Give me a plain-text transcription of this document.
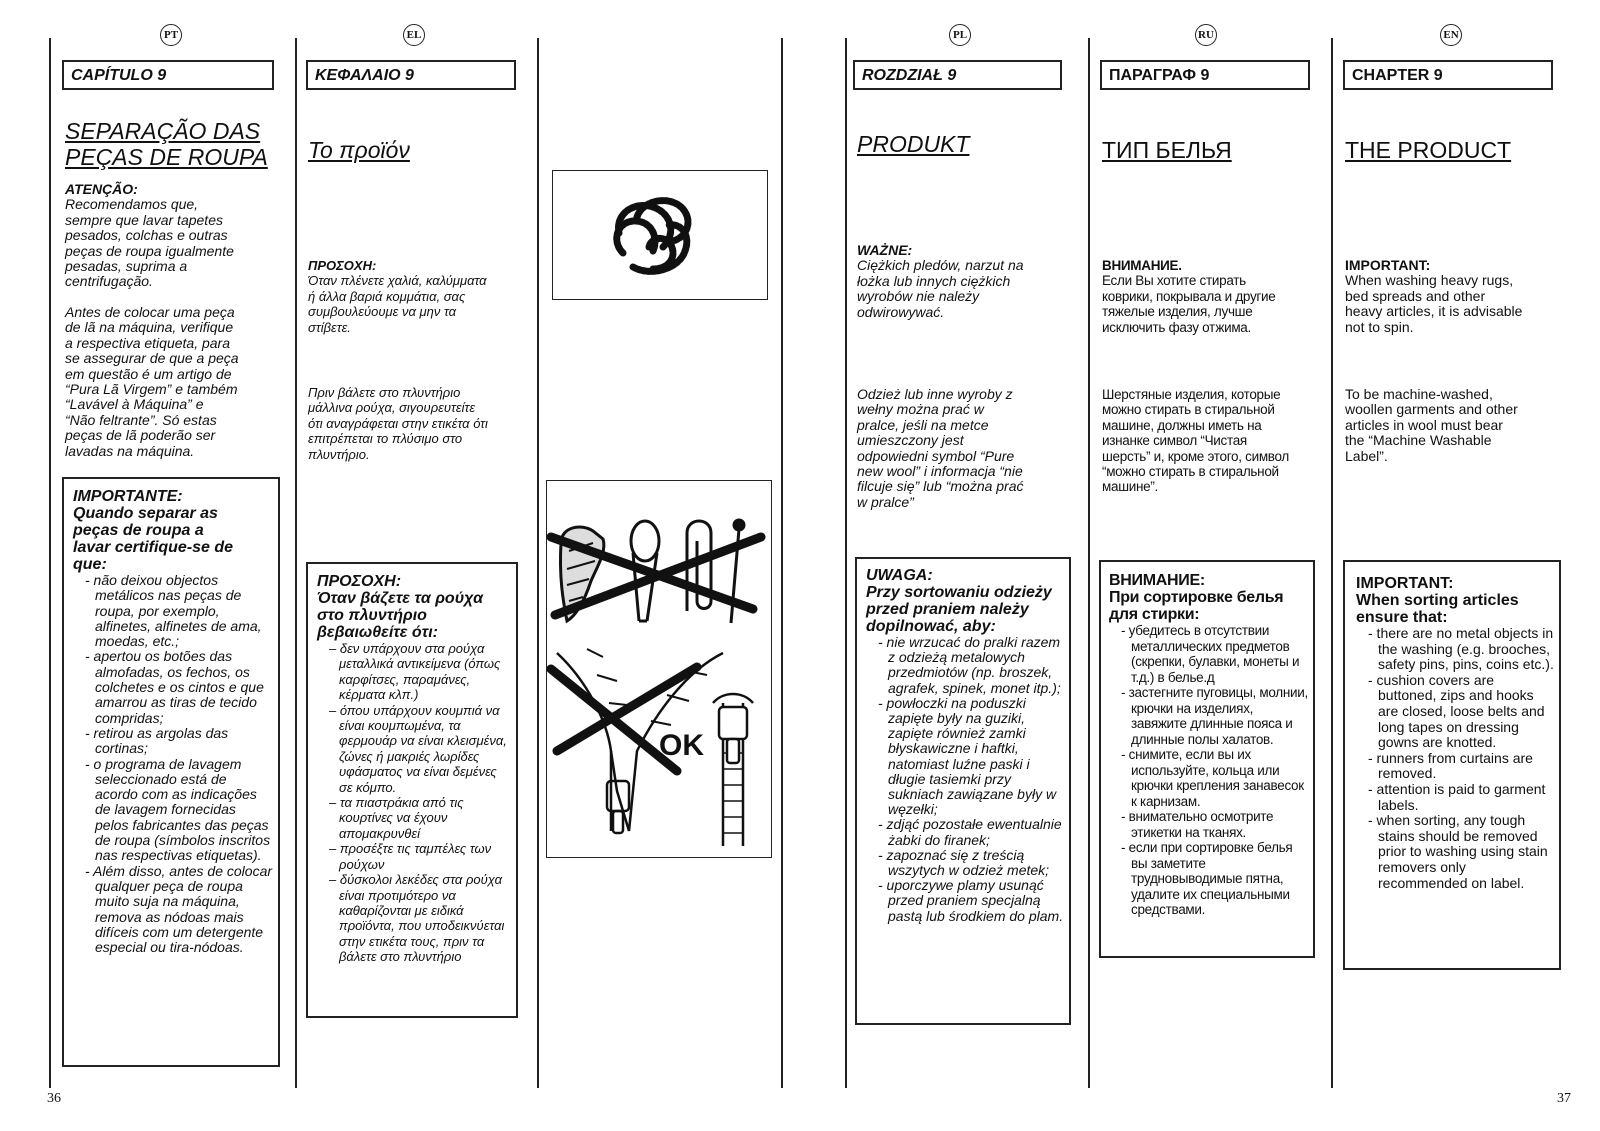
PT	EL	PL	RU	EN
CAPÍTULO 9
SEPARAÇÃO DAS
PEÇAS DE ROUPA
ATENÇÃO:
Recomendamos que,
sempre que lavar tapetes
pesados, colchas e outras
peças de roupa igualmente
pesadas, suprima a
centrifugação.
Antes de colocar uma peça
de lã na máquina, verifique
a respectiva etiqueta, para
se assegurar de que a peça
em questão é um artigo de
“Pura Lã Virgem” e também
“Lavável à Máquina” e
“Não feltrante”. Só estas
peças de lã poderão ser
lavadas na máquina.
IMPORTANTE:
Quando separar as
peças de roupa a
lavar certifique-se de
que:
- não deixou objectos metálicos nas peças de roupa, por exemplo, alfinetes, alfinetes de ama, moedas, etc.;
- apertou os botões das almofadas, os fechos, os colchetes e os cintos e que amarrou as tiras de tecido compridas;
- retirou as argolas das cortinas;
- o programa de lavagem seleccionado está de acordo com as indicações de lavagem fornecidas pelos fabricantes das peças de roupa (símbolos inscritos nas respectivas etiquetas).
- Além disso, antes de colocar qualquer peça de roupa muito suja na máquina, remova as nódoas mais difíceis com um detergente especial ou tira-nódoas.
ΚΕΦΑΛΑΙΟ 9
Το προϊόν
ΠΡΟΣΟΧΗ:
Όταν πλένετε χαλιά, καλύμματα
ή άλλα βαριά κομμάτια, σας
συμβουλεύουμε να μην τα
στίβετε.
Πριν βάλετε στο πλυντήριο
μάλλινα ρούχα, σιγουρευτείτε
ότι αναγράφεται στην ετικέτα ότι
επιτρέπεται το πλύσιμο στο
πλυντήριο.
ΠΡΟΣΟΧΗ:
Όταν βάζετε τα ρούχα
στο πλυντήριο
βεβαιωθείτε ότι:
– δεν υπάρχουν στα ρούχα μεταλλικά αντικείμενα (όπως καρφίτσες, παραμάνες, κέρματα κλπ.)
– όπου υπάρχουν κουμπιά να είναι κουμπωμένα, τα φερμουάρ να είναι κλεισμένα, ζώνες ή μακριές λωρίδες υφάσματος να είναι δεμένες σε κόμπο.
– τα πιαστράκια από τις κουρτίνες να έχουν απομακρυνθεί
– προσέξτε τις ταμπέλες των ρούχων
– δύσκολοι λεκέδες στα ρούχα είναι προτιμότερο να καθαρίζονται με ειδικά προϊόντα, που υποδεικνύεται στην ετικέτα τους, πριν τα βάλετε στο πλυντήριο
OK
ROZDZIAŁ 9
PRODUKT
WAŻNE:
Ciężkich pledów, narzut na
łożka lub innych ciężkich
wyrobów nie należy
odwirowywać.
Odzież lub inne wyroby z
wełny można prać w
pralce, jeśli na metce
umieszczony jest
odpowiedni symbol “Pure
new wool” i informacja “nie
filcuje się” lub “można prać
w pralce”
UWAGA:
Przy sortowaniu odzieży
przed praniem należy
dopilnować, aby:
- nie wrzucać do pralki razem z odzieżą metalowych przedmiotów (np. broszek, agrafek, spinek, monet itp.);
- powłoczki na poduszki zapięte były na guziki, zapięte również zamki błyskawiczne i haftki, natomiast luźne paski i długie tasiemki przy sukniach zawiązane były w węzełki;
- zdjąć pozostałe ewentualnie żabki do firanek;
- zapoznać się z treścią wszytych w odzież metek;
- uporczywe plamy usunąć przed praniem specjalną pastą lub środkiem do plam.
ПАРАГРАФ 9
ТИП БЕЛЬЯ
ВНИМАНИЕ.
Если Вы хотите стирать
коврики, покрывала и другие
тяжелые изделия, лучше
исключить фазу отжима.
Шерстяные изделия, которые
можно стирать в стиральной
машине, должны иметь на
изнанке символ “Чистая
шерсть” и, кроме этого, символ
“можно стирать в стиральной
машине”.
ВНИМАНИЕ:
При сортировке белья
для стирки:
- убедитесь в отсутствии металлических предметов (скрепки, булавки, монеты и т.д.) в белье.д
- застегните пуговицы, молнии, крючки на изделиях, завяжите длинные пояса и длинные полы халатов.
- снимите, если вы их используйте, кольца или крючки крепления занавесок к карнизам.
- внимательно осмотрите этикетки на тканях.
- если при сортировке белья вы заметите трудновыводимые пятна, удалите их специальными средствами.
CHAPTER 9
THE PRODUCT
IMPORTANT:
When washing heavy rugs,
bed spreads and other
heavy articles, it is advisable
not to spin.
To be machine-washed,
woollen garments and other
articles in wool must bear
the “Machine Washable
Label”.
IMPORTANT:
When sorting articles
ensure that:
- there are no metal objects in the washing (e.g. brooches, safety pins, pins, coins etc.).
- cushion covers are buttoned, zips and hooks are closed, loose belts and long tapes on dressing gowns are knotted.
- runners from curtains are removed.
- attention is paid to garment labels.
- when sorting, any tough stains should be removed prior to washing using stain removers only recommended on label.
36	37
